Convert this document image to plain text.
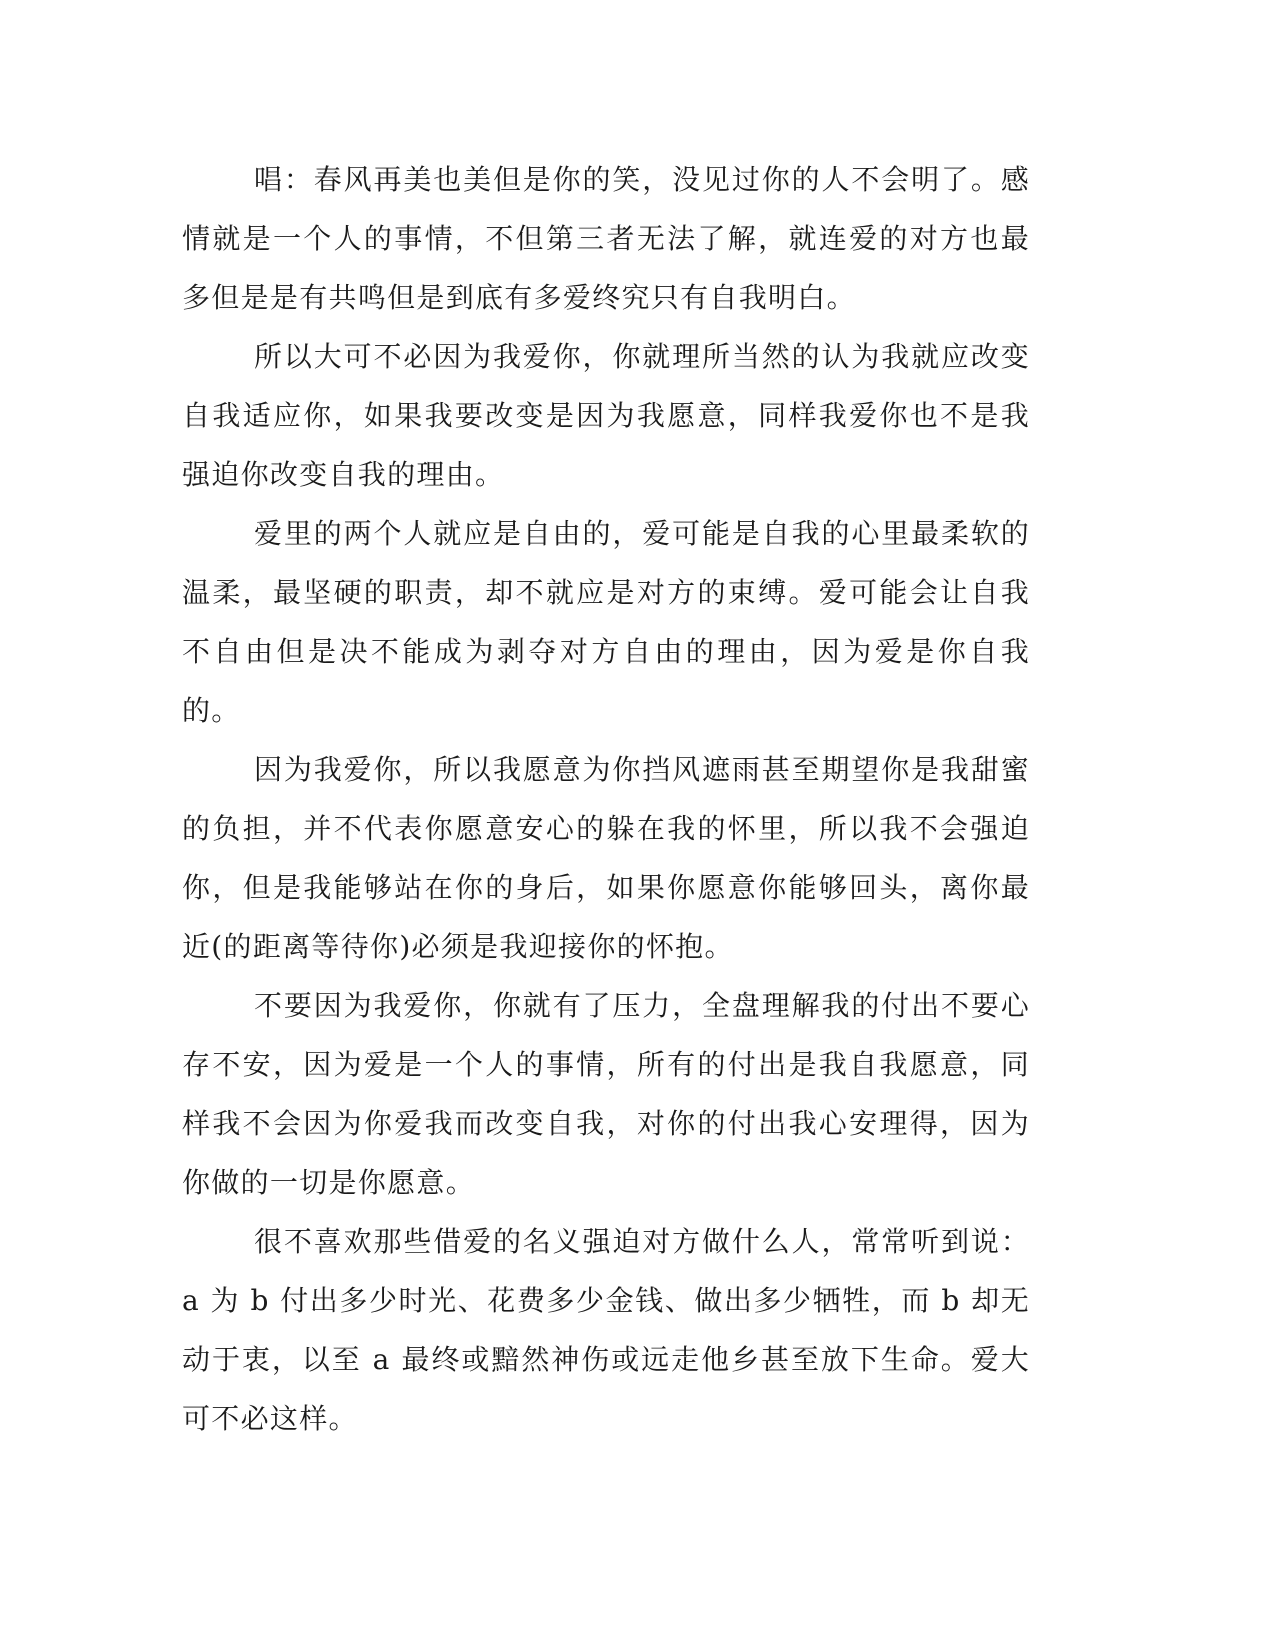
唱：春风再美也美但是你的笑，没见过你的人不会明了。感情就是一个人的事情，不但第三者无法了解，就连爱的对方也最多但是是有共鸣但是到底有多爱终究只有自我明白。

所以大可不必因为我爱你，你就理所当然的认为我就应改变自我适应你，如果我要改变是因为我愿意，同样我爱你也不是我强迫你改变自我的理由。

爱里的两个人就应是自由的，爱可能是自我的心里最柔软的温柔，最坚硬的职责，却不就应是对方的束缚。爱可能会让自我不自由但是决不能成为剥夺对方自由的理由，因为爱是你自我的。

因为我爱你，所以我愿意为你挡风遮雨甚至期望你是我甜蜜的负担，并不代表你愿意安心的躲在我的怀里，所以我不会强迫你，但是我能够站在你的身后，如果你愿意你能够回头，离你最近(的距离等待你)必须是我迎接你的怀抱。

不要因为我爱你，你就有了压力，全盘理解我的付出不要心存不安，因为爱是一个人的事情，所有的付出是我自我愿意，同样我不会因为你爱我而改变自我，对你的付出我心安理得，因为你做的一切是你愿意。

很不喜欢那些借爱的名义强迫对方做什么人，常常听到说：a 为 b 付出多少时光、花费多少金钱、做出多少牺牲，而 b 却无动于衷，以至 a 最终或黯然神伤或远走他乡甚至放下生命。爱大可不必这样。
